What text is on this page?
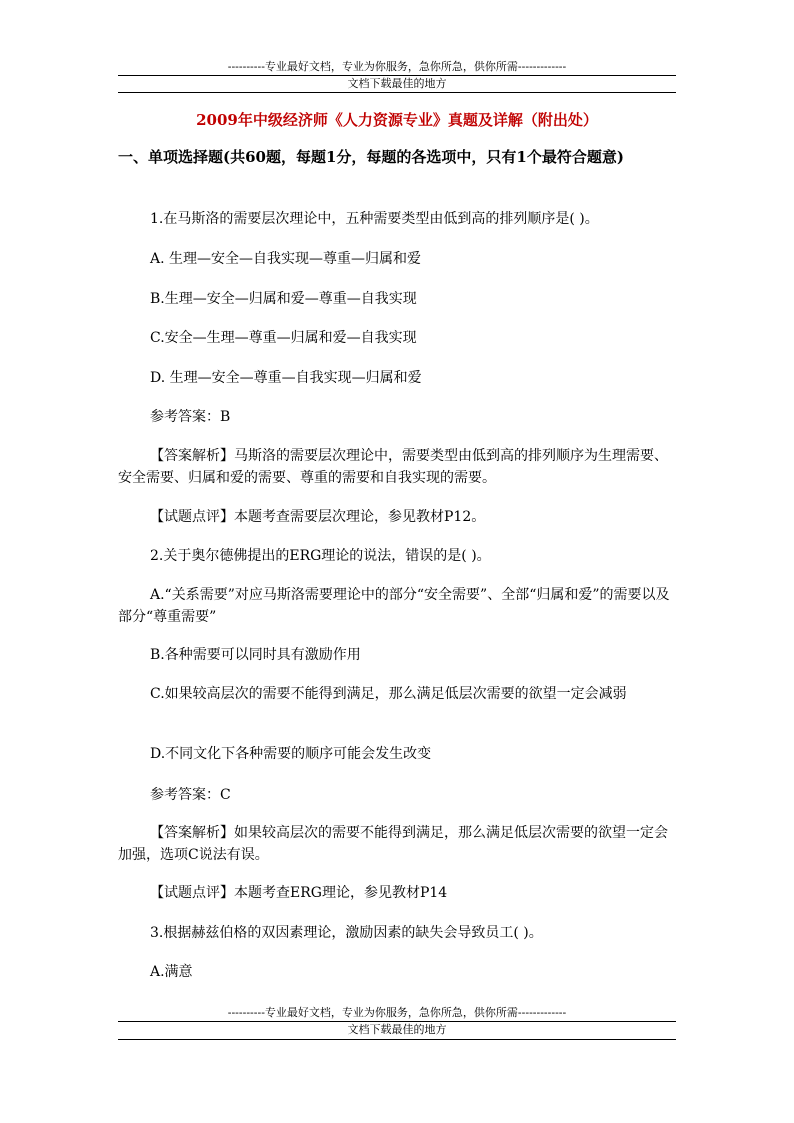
----------专业最好文档，专业为你服务，急你所急，供你所需-------------
文档下载最佳的地方
2009年中级经济师《人力资源专业》真题及详解（附出处）
一、单项选择题(共60题，每题1分，每题的各选项中，只有1个最符合题意)
1.在马斯洛的需要层次理论中，五种需要类型由低到高的排列顺序是( )。
A. 生理—安全—自我实现—尊重—归属和爱
B.生理—安全—归属和爱—尊重—自我实现
C.安全—生理—尊重—归属和爱—自我实现
D. 生理—安全—尊重—自我实现—归属和爱
参考答案：B
【答案解析】马斯洛的需要层次理论中，需要类型由低到高的排列顺序为生理需要、安全需要、归属和爱的需要、尊重的需要和自我实现的需要。
【试题点评】本题考查需要层次理论，参见教材P12。
2.关于奥尔德佛提出的ERG理论的说法，错误的是( )。
A.“关系需要”对应马斯洛需要理论中的部分“安全需要”、全部“归属和爱”的需要以及部分“尊重需要”
B.各种需要可以同时具有激励作用
C.如果较高层次的需要不能得到满足，那么满足低层次需要的欲望一定会减弱
D.不同文化下各种需要的顺序可能会发生改变
参考答案：C
【答案解析】如果较高层次的需要不能得到满足，那么满足低层次需要的欲望一定会加强，选项C说法有误。
【试题点评】本题考查ERG理论，参见教材P14
3.根据赫兹伯格的双因素理论，激励因素的缺失会导致员工( )。
A.满意
----------专业最好文档，专业为你服务，急你所急，供你所需-------------
文档下载最佳的地方
